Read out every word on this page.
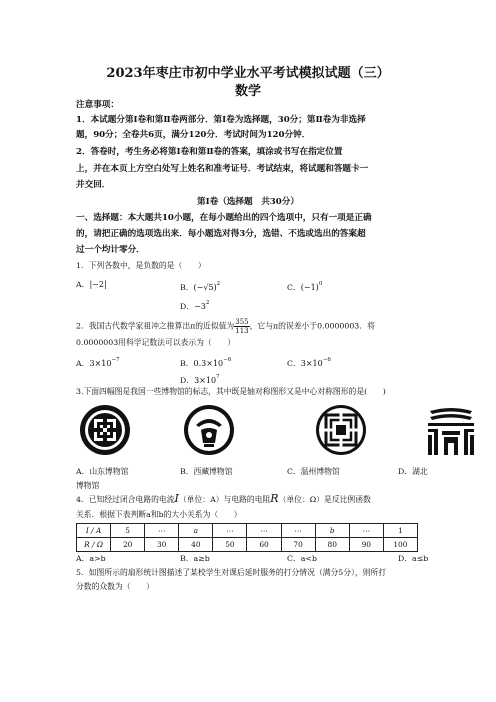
2023年枣庄市初中学业水平考试模拟试题（三）
数学
注意事项：
1．本试题分第Ⅰ卷和第Ⅱ卷两部分．第Ⅰ卷为选择题，30分；第Ⅱ卷为非选择
题，90分；全卷共6页，满分120分．考试时间为120分钟．
2．答卷时，考生务必将第Ⅰ卷和第Ⅱ卷的答案，填涂或书写在指定位置
上，并在本页上方空白处写上姓名和准考证号．考试结束，将试题和答题卡一
并交回．
第Ⅰ卷（选择题　共30分）
一、选择题：本大题共10小题，在每小题给出的四个选项中，只有一项是正确
的，请把正确的选项选出来．每小题选对得3分，选错、不选或选出的答案超
过一个均计零分．
1．下列各数中，是负数的是（　　）
A．|−2|	B．$(-√5)^2$	C．$(-1)^0$
D．$-3^2$
2．我国古代数学家祖冲之推算出π的近似值为 $\frac{355}{113}$ ，它与π的误差小于0.0000003．将
0.0000003用科学记数法可以表示为（　　）
A．$3\times 10^{-7}$	B．$0.3\times 10^{-6}$	C．$3\times 10^{-6}$
D．$3\times 10^7$
3.下面四幅图是我国一些博物馆的标志，其中既是轴对称图形又是中心对称图形的是(　　)
A．山东博物馆	B．西藏博物馆	C．温州博物馆	D．湖北
博物馆
4．已知经过闭合电路的电流I（单位：A）与电路的电阻R（单位：Ω）是反比例函数
关系．根据下表判断a和b的大小关系为（　　）
I / A	5	⋯	a	⋯	⋯	⋯	b	⋯	1
R / Ω	20	30	40	50	60	70	80	90	100
A．a>b	B．a≥b	C．a<b	D．a≤b
5．如图所示的扇形统计图描述了某校学生对课后延时服务的打分情况（满分5分），则所打
分数的众数为（　　）
